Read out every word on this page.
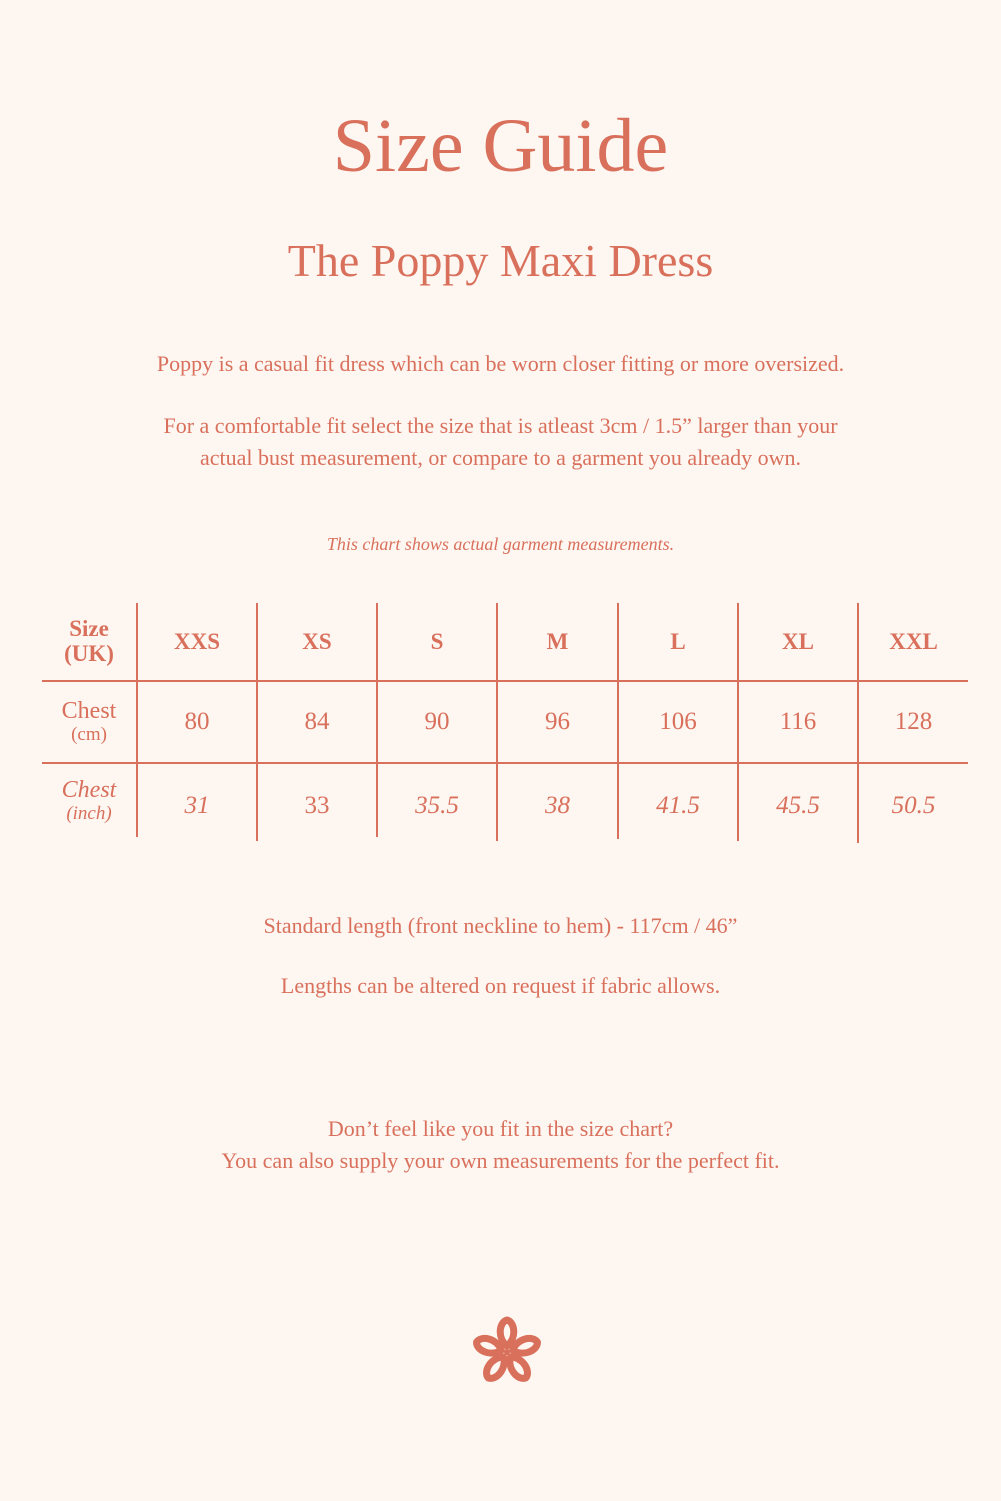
Size Guide
The Poppy Maxi Dress

Poppy is a casual fit dress which can be worn closer fitting or more oversized.

For a comfortable fit select the size that is atleast 3cm / 1.5” larger than your
actual bust measurement, or compare to a garment you already own.

This chart shows actual garment measurements.

Size
(UK)	XXS	XS	S	M	L	XL	XXL
Chest
(cm)	80	84	90	96	106	116	128
Chest
(inch)	31	33	35.5	38	41.5	45.5	50.5

Standard length (front neckline to hem) - 117cm / 46”

Lengths can be altered on request if fabric allows.

Don’t feel like you fit in the size chart?
You can also supply your own measurements for the perfect fit.
